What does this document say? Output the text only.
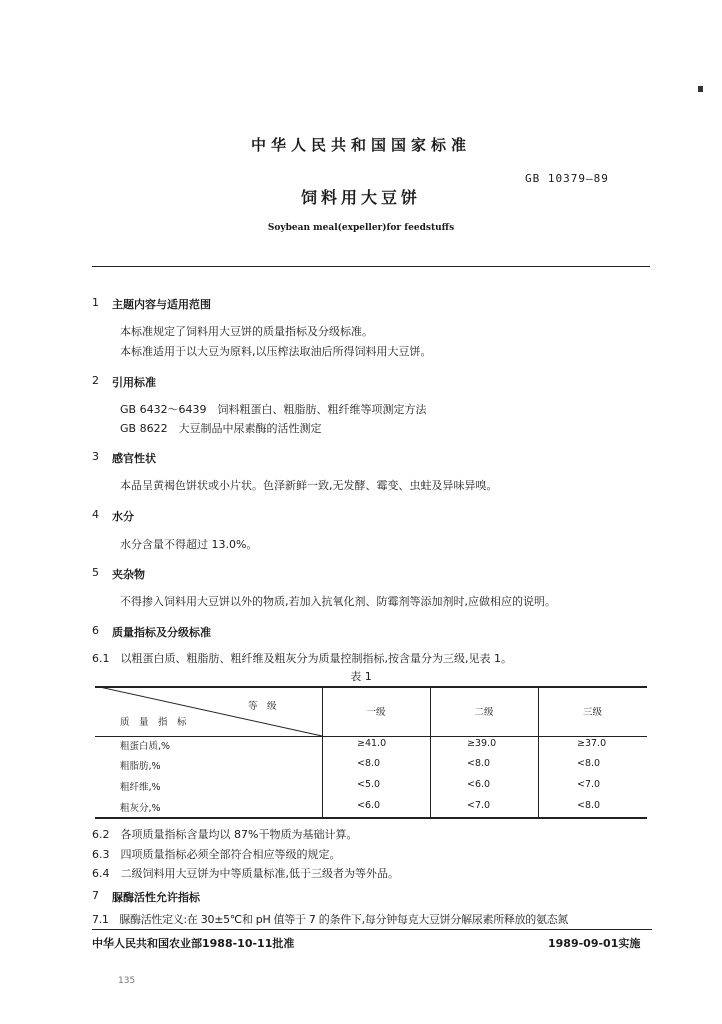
中华人民共和国国家标准
GB 10379—89
饲料用大豆饼
Soybean meal(expeller)for feedstuffs
1 主题内容与适用范围
本标准规定了饲料用大豆饼的质量指标及分级标准。
本标准适用于以大豆为原料,以压榨法取油后所得饲料用大豆饼。
2 引用标准
GB 6432～6439　饲料粗蛋白、粗脂肪、粗纤维等项测定方法
GB 8622　大豆制品中尿素酶的活性测定
3 感官性状
本品呈黄褐色饼状或小片状。色泽新鲜一致,无发酵、霉变、虫蛀及异味异嗅。
4 水分
水分含量不得超过 13.0%。
5 夹杂物
不得掺入饲料用大豆饼以外的物质,若加入抗氧化剂、防霉剂等添加剂时,应做相应的说明。
6 质量指标及分级标准
6.1　以粗蛋白质、粗脂肪、粗纤维及粗灰分为质量控制指标,按含量分为三级,见表 1。
表 1
等　级
质　量　指　标
一级	二级	三级
粗蛋白质,%	≥41.0	≥39.0	≥37.0
粗脂肪,%	<8.0	<8.0	<8.0
粗纤维,%	<5.0	<6.0	<7.0
粗灰分,%	<6.0	<7.0	<8.0
6.2　各项质量指标含量均以 87%干物质为基础计算。
6.3　四项质量指标必须全部符合相应等级的规定。
6.4　二级饲料用大豆饼为中等质量标准,低于三级者为等外品。
7 脲酶活性允许指标
7.1　脲酶活性定义:在 30±5℃和 pH 值等于 7 的条件下,每分钟每克大豆饼分解尿素所释放的氨态氮
中华人民共和国农业部1988-10-11批准	1989-09-01实施
135
